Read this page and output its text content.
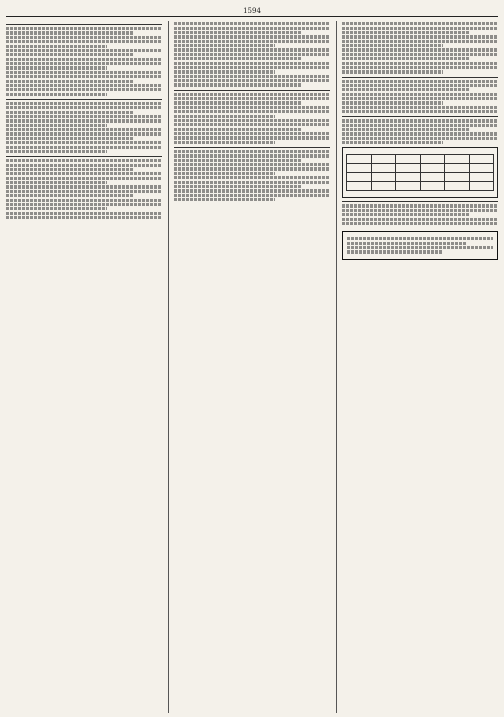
1594
